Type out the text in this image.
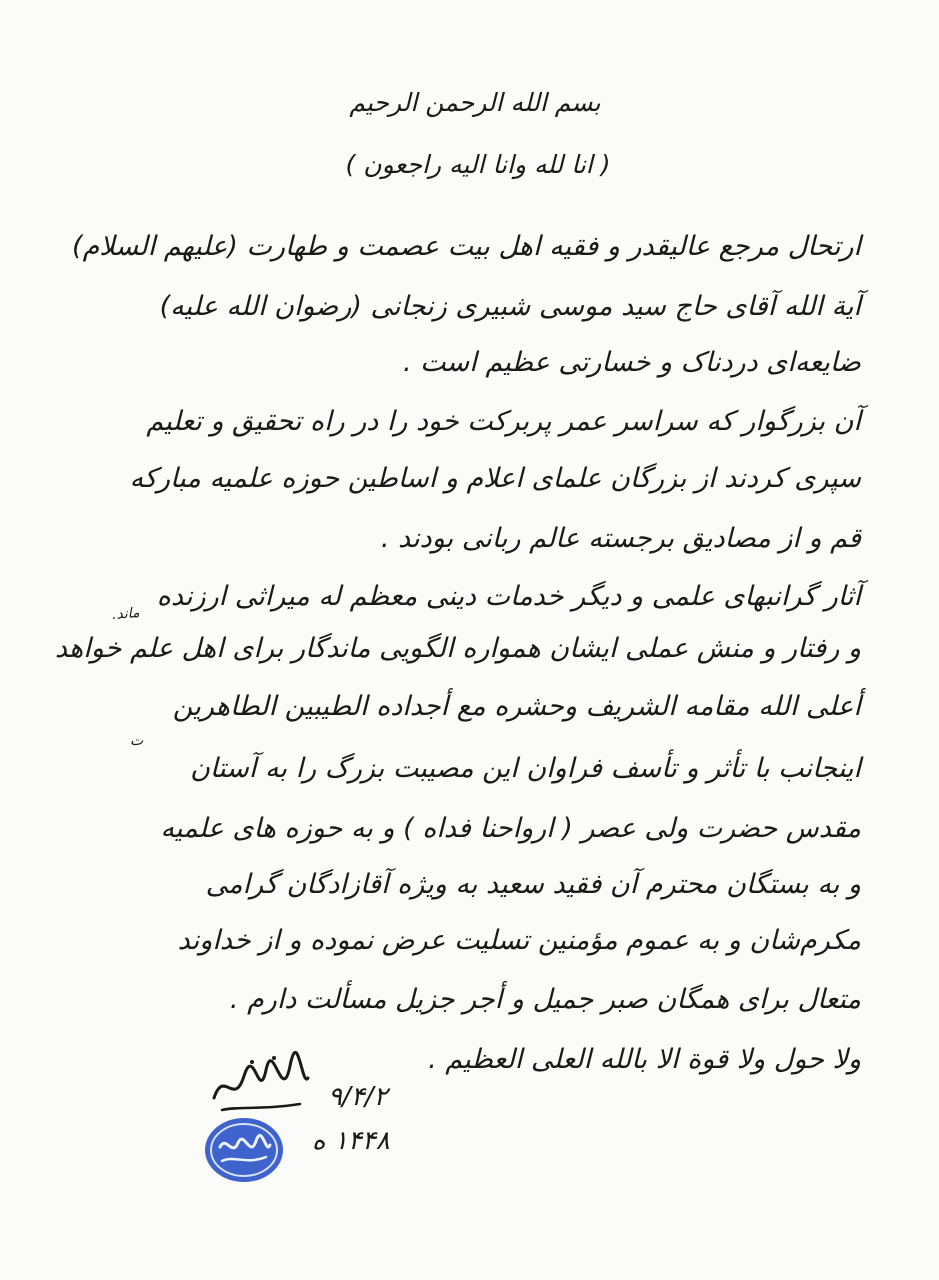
بسم الله الرحمن الرحیم
( انا لله وانا الیه راجعون )
ارتحال مرجع عالیقدر و فقیه اهل بیت عصمت و طهارت (علیهم السلام)
آیة الله آقای حاج سید موسی شبیری زنجانی (رضوان الله علیه)
ضایعه‌ای دردناک و خسارتی عظیم است .
آن بزرگوار که سراسر عمر پربرکت خود را در راه تحقیق و تعلیم
سپری کردند از بزرگان علمای اعلام و اساطین حوزه علمیه مبارکه
قم و از مصادیق برجسته عالم ربانی بودند .
آثار گرانبهای علمی و دیگر خدمات دینی معظم له میراثی ارزنده
و رفتار و منش عملی ایشان همواره الگویی ماندگار برای اهل علم خواهد
أعلی الله مقامه الشریف وحشره مع أجداده الطیبین الطاهرین
اینجانب با تأثر و تأسف فراوان این مصیبت بزرگ را به آستان
مقدس حضرت ولی عصر ( ارواحنا فداه ) و به حوزه های علمیه
و به بستگان محترم آن فقید سعید به ویژه آقازادگان گرامی
مکرم‌شان و به عموم مؤمنین تسلیت عرض نموده و از خداوند
متعال برای همگان صبر جمیل و أجر جزیل مسألت دارم .
ولا حول ولا قوة الا بالله العلی العظیم .
ماند.
ت
۹/۴/۲
۱۴۴۸ ه
